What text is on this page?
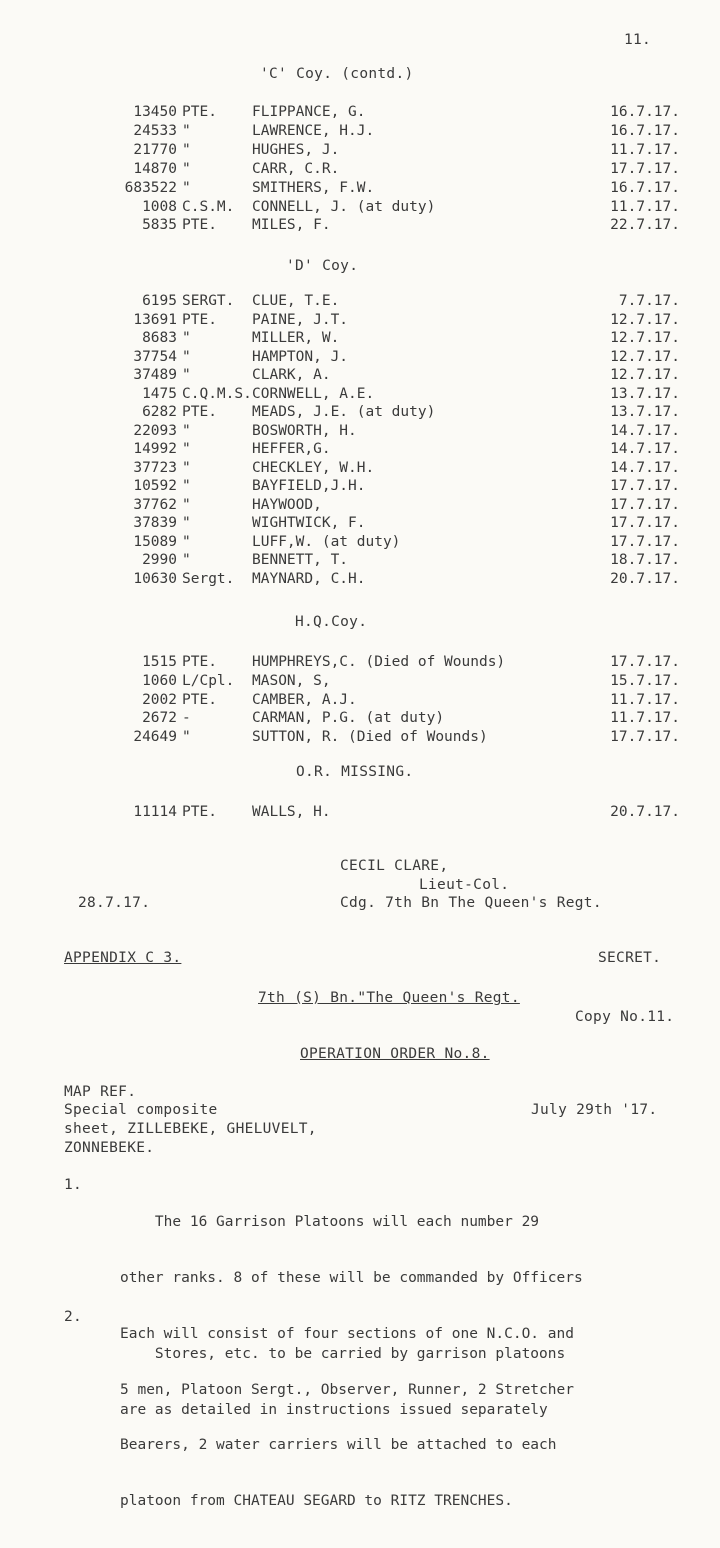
11.
'C' Coy. (contd.)
13450 PTE. FLIPPANCE, G.	16.7.17.
24533 "	LAWRENCE, H.J.	16.7.17.
21770 "	HUGHES, J.	11.7.17.
14870 "	CARR, C.R.	17.7.17.
683522 "	SMITHERS, F.W.	16.7.17.
1008 C.S.M. CONNELL, J. (at duty)	11.7.17.
5835 PTE. MILES, F.	22.7.17.
'D' Coy.
6195 SERGT. CLUE, T.E.	7.7.17.
13691 PTE. PAINE, J.T.	12.7.17.
8683 "	MILLER, W.	12.7.17.
37754 "	HAMPTON, J.	12.7.17.
37489 "	CLARK, A.	12.7.17.
1475 C.Q.M.S. CORNWELL, A.E.	13.7.17.
6282 PTE. MEADS, J.E. (at duty)	13.7.17.
22093 "	BOSWORTH, H.	14.7.17.
14992 "	HEFFER,G.	14.7.17.
37723 "	CHECKLEY, W.H.	14.7.17.
10592 "	BAYFIELD,J.H.	17.7.17.
37762 "	HAYWOOD,	17.7.17.
37839 "	WIGHTWICK, F.	17.7.17.
15089 "	LUFF,W. (at duty)	17.7.17.
2990 "	BENNETT, T.	18.7.17.
10630 Sergt. MAYNARD, C.H.	20.7.17.
H.Q.Coy.
1515 PTE. HUMPHREYS,C. (Died of Wounds)	17.7.17.
1060 L/Cpl. MASON, S,	15.7.17.
2002 PTE. CAMBER, A.J.	11.7.17.
2672 -	CARMAN, P.G. (at duty)	11.7.17.
24649 "	SUTTON, R. (Died of Wounds)	17.7.17.
O.R. MISSING.
11114 PTE. WALLS, H.	20.7.17.
CECIL CLARE,
Lieut-Col.
28.7.17.	Cdg. 7th Bn The Queen's Regt.
APPENDIX C 3.	SECRET.
7th (S) Bn."The Queen's Regt.
Copy No.11.
OPERATION ORDER No.8.
MAP REF.
Special composite
sheet, ZILLEBEKE, GHELUVELT,
ZONNEBEKE.
July 29th '17.
1.

The 16 Garrison Platoons will each number 29

other ranks. 8 of these will be commanded by Officers

Each will consist of four sections of one N.C.O. and

5 men, Platoon Sergt., Observer, Runner, 2 Stretcher

Bearers, 2 water carriers will be attached to each

platoon from CHATEAU SEGARD to RITZ TRENCHES.

2.

Stores, etc. to be carried by garrison platoons

are as detailed in instructions issued separately
